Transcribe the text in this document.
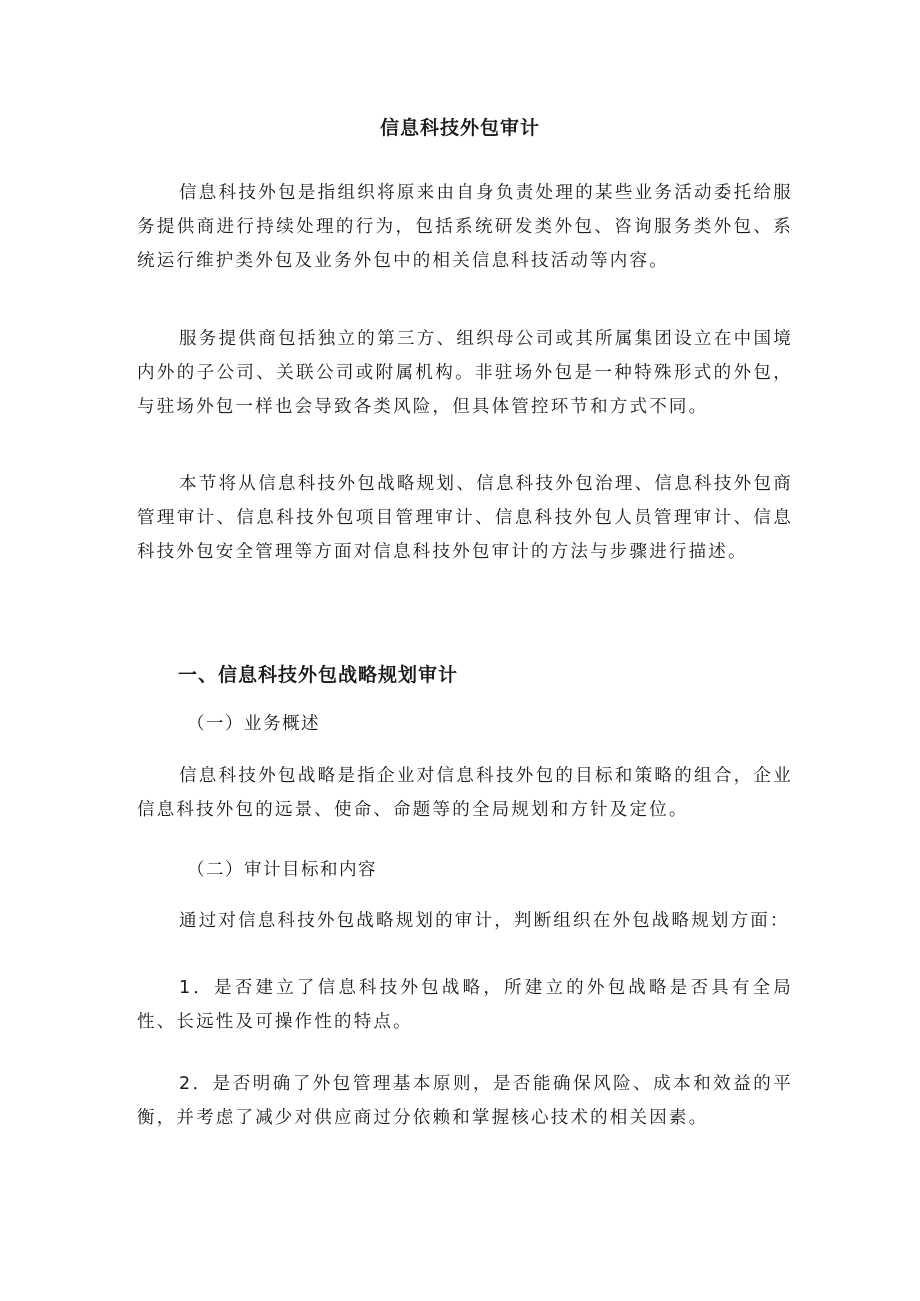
信息科技外包审计

信息科技外包是指组织将原来由自身负责处理的某些业务活动委托给服务提供商进行持续处理的行为，包括系统研发类外包、咨询服务类外包、系统运行维护类外包及业务外包中的相关信息科技活动等内容。

服务提供商包括独立的第三方、组织母公司或其所属集团设立在中国境内外的子公司、关联公司或附属机构。非驻场外包是一种特殊形式的外包，与驻场外包一样也会导致各类风险，但具体管控环节和方式不同。

本节将从信息科技外包战略规划、信息科技外包治理、信息科技外包商管理审计、信息科技外包项目管理审计、信息科技外包人员管理审计、信息科技外包安全管理等方面对信息科技外包审计的方法与步骤进行描述。

一、信息科技外包战略规划审计
（一）业务概述

信息科技外包战略是指企业对信息科技外包的目标和策略的组合，企业信息科技外包的远景、使命、命题等的全局规划和方针及定位。

（二）审计目标和内容

通过对信息科技外包战略规划的审计，判断组织在外包战略规划方面：

1．是否建立了信息科技外包战略，所建立的外包战略是否具有全局性、长远性及可操作性的特点。

2．是否明确了外包管理基本原则，是否能确保风险、成本和效益的平衡，并考虑了减少对供应商过分依赖和掌握核心技术的相关因素。
